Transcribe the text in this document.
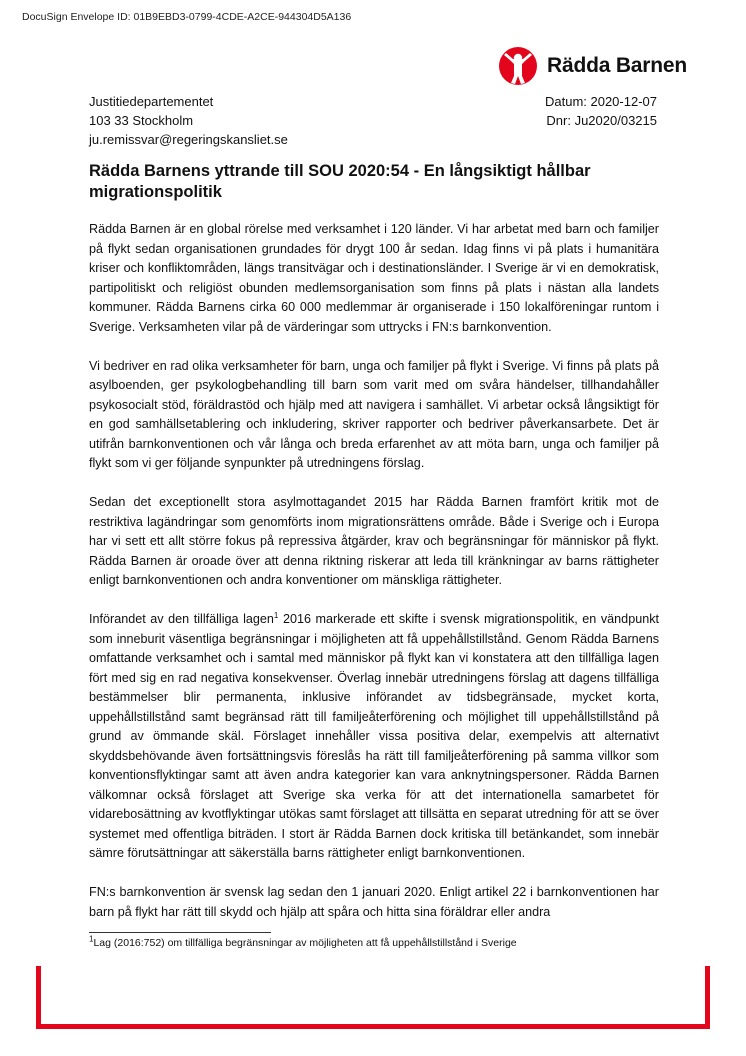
DocuSign Envelope ID: 01B9EBD3-0799-4CDE-A2CE-944304D5A136
Rädda Barnen
Justitiedepartementet
103 33 Stockholm
ju.remissvar@regeringskansliet.se
Datum: 2020-12-07
Dnr: Ju2020/03215
Rädda Barnens yttrande till SOU 2020:54 - En långsiktigt hållbar migrationspolitik

Rädda Barnen är en global rörelse med verksamhet i 120 länder. Vi har arbetat med barn och familjer på flykt sedan organisationen grundades för drygt 100 år sedan. Idag finns vi på plats i humanitära kriser och konfliktområden, längs transitvägar och i destinationsländer. I Sverige är vi en demokratisk, partipolitiskt och religiöst obunden medlemsorganisation som finns på plats i nästan alla landets kommuner. Rädda Barnens cirka 60 000 medlemmar är organiserade i 150 lokalföreningar runtom i Sverige. Verksamheten vilar på de värderingar som uttrycks i FN:s barnkonvention.

Vi bedriver en rad olika verksamheter för barn, unga och familjer på flykt i Sverige. Vi finns på plats på asylboenden, ger psykologbehandling till barn som varit med om svåra händelser, tillhandahåller psykosocialt stöd, föräldrastöd och hjälp med att navigera i samhället. Vi arbetar också långsiktigt för en god samhällsetablering och inkludering, skriver rapporter och bedriver påverkansarbete. Det är utifrån barnkonventionen och vår långa och breda erfarenhet av att möta barn, unga och familjer på flykt som vi ger följande synpunkter på utredningens förslag.

Sedan det exceptionellt stora asylmottagandet 2015 har Rädda Barnen framfört kritik mot de restriktiva lagändringar som genomförts inom migrationsrättens område. Både i Sverige och i Europa har vi sett ett allt större fokus på repressiva åtgärder, krav och begränsningar för människor på flykt. Rädda Barnen är oroade över att denna riktning riskerar att leda till kränkningar av barns rättigheter enligt barnkonventionen och andra konventioner om mänskliga rättigheter.

Införandet av den tillfälliga lagen$^1$ 2016 markerade ett skifte i svensk migrationspolitik, en vändpunkt som inneburit väsentliga begränsningar i möjligheten att få uppehållstillstånd. Genom Rädda Barnens omfattande verksamhet och i samtal med människor på flykt kan vi konstatera att den tillfälliga lagen fört med sig en rad negativa konsekvenser. Överlag innebär utredningens förslag att dagens tillfälliga bestämmelser blir permanenta, inklusive införandet av tidsbegränsade, mycket korta, uppehållstillstånd samt begränsad rätt till familjeåterförening och möjlighet till uppehållstillstånd på grund av ömmande skäl. Förslaget innehåller vissa positiva delar, exempelvis att alternativt skyddsbehövande även fortsättningsvis föreslås ha rätt till familjeåterförening på samma villkor som konventionsflyktingar samt att även andra kategorier kan vara anknytningspersoner. Rädda Barnen välkomnar också förslaget att Sverige ska verka för att det internationella samarbetet för vidarebosättning av kvotflyktingar utökas samt förslaget att tillsätta en separat utredning för att se över systemet med offentliga biträden. I stort är Rädda Barnen dock kritiska till betänkandet, som innebär sämre förutsättningar att säkerställa barns rättigheter enligt barnkonventionen.

FN:s barnkonvention är svensk lag sedan den 1 januari 2020. Enligt artikel 22 i barnkonventionen har barn på flykt har rätt till skydd och hjälp att spåra och hitta sina föräldrar eller andra

$^1$Lag (2016:752) om tillfälliga begränsningar av möjligheten att få uppehållstillstånd i Sverige
